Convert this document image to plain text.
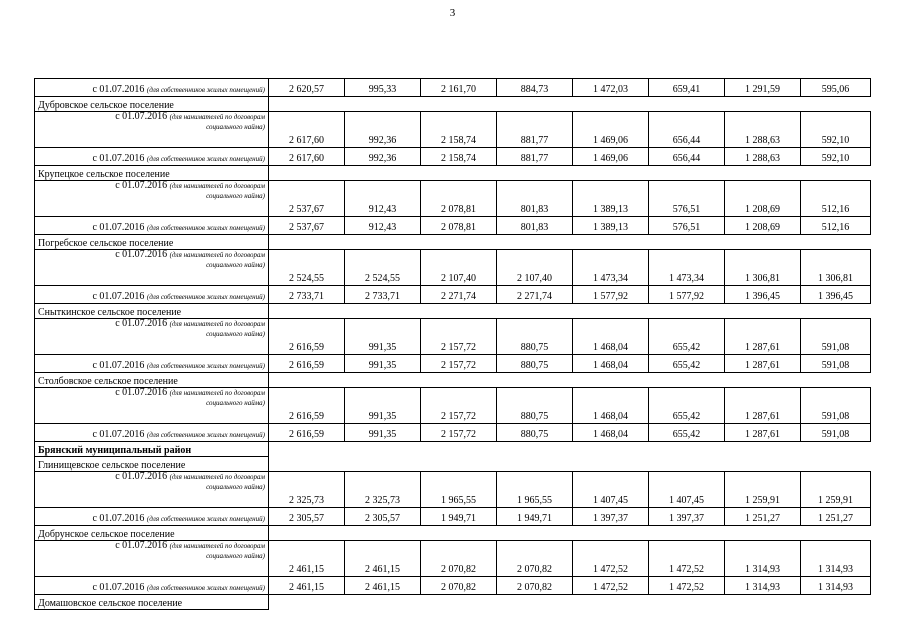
3
с 01.07.2016 (для собственников жилых помещений)	2 620,57	995,33	2 161,70	884,73	1 472,03	659,41	1 291,59	595,06
Дубровское сельское поселение								

с 01.07.2016 (для нанимателей по договорам
социального найма)	2 617,60	992,36	2 158,74	881,77	1 469,06	656,44	1 288,63	592,10
с 01.07.2016 (для собственников жилых помещений)	2 617,60	992,36	2 158,74	881,77	1 469,06	656,44	1 288,63	592,10
Крупецкое сельское поселение								

с 01.07.2016 (для нанимателей по договорам
социального найма)	2 537,67	912,43	2 078,81	801,83	1 389,13	576,51	1 208,69	512,16
с 01.07.2016 (для собственников жилых помещений)	2 537,67	912,43	2 078,81	801,83	1 389,13	576,51	1 208,69	512,16
Погребское сельское поселение								

с 01.07.2016 (для нанимателей по договорам
социального найма)	2 524,55	2 524,55	2 107,40	2 107,40	1 473,34	1 473,34	1 306,81	1 306,81
с 01.07.2016 (для собственников жилых помещений)	2 733,71	2 733,71	2 271,74	2 271,74	1 577,92	1 577,92	1 396,45	1 396,45
Сныткинское сельское поселение								

с 01.07.2016 (для нанимателей по договорам
социального найма)	2 616,59	991,35	2 157,72	880,75	1 468,04	655,42	1 287,61	591,08
с 01.07.2016 (для собственников жилых помещений)	2 616,59	991,35	2 157,72	880,75	1 468,04	655,42	1 287,61	591,08
Столбовское сельское поселение								

с 01.07.2016 (для нанимателей по договорам
социального найма)	2 616,59	991,35	2 157,72	880,75	1 468,04	655,42	1 287,61	591,08
с 01.07.2016 (для собственников жилых помещений)	2 616,59	991,35	2 157,72	880,75	1 468,04	655,42	1 287,61	591,08
Брянский муниципальный район								
Глинищевское сельское поселение								

с 01.07.2016 (для нанимателей по договорам
социального найма)	2 325,73	2 325,73	1 965,55	1 965,55	1 407,45	1 407,45	1 259,91	1 259,91
с 01.07.2016 (для собственников жилых помещений)	2 305,57	2 305,57	1 949,71	1 949,71	1 397,37	1 397,37	1 251,27	1 251,27
Добрунское сельское поселение								

с 01.07.2016 (для нанимателей по договорам
социального найма)	2 461,15	2 461,15	2 070,82	2 070,82	1 472,52	1 472,52	1 314,93	1 314,93
с 01.07.2016 (для собственников жилых помещений)	2 461,15	2 461,15	2 070,82	2 070,82	1 472,52	1 472,52	1 314,93	1 314,93
Домашовское сельское поселение								
